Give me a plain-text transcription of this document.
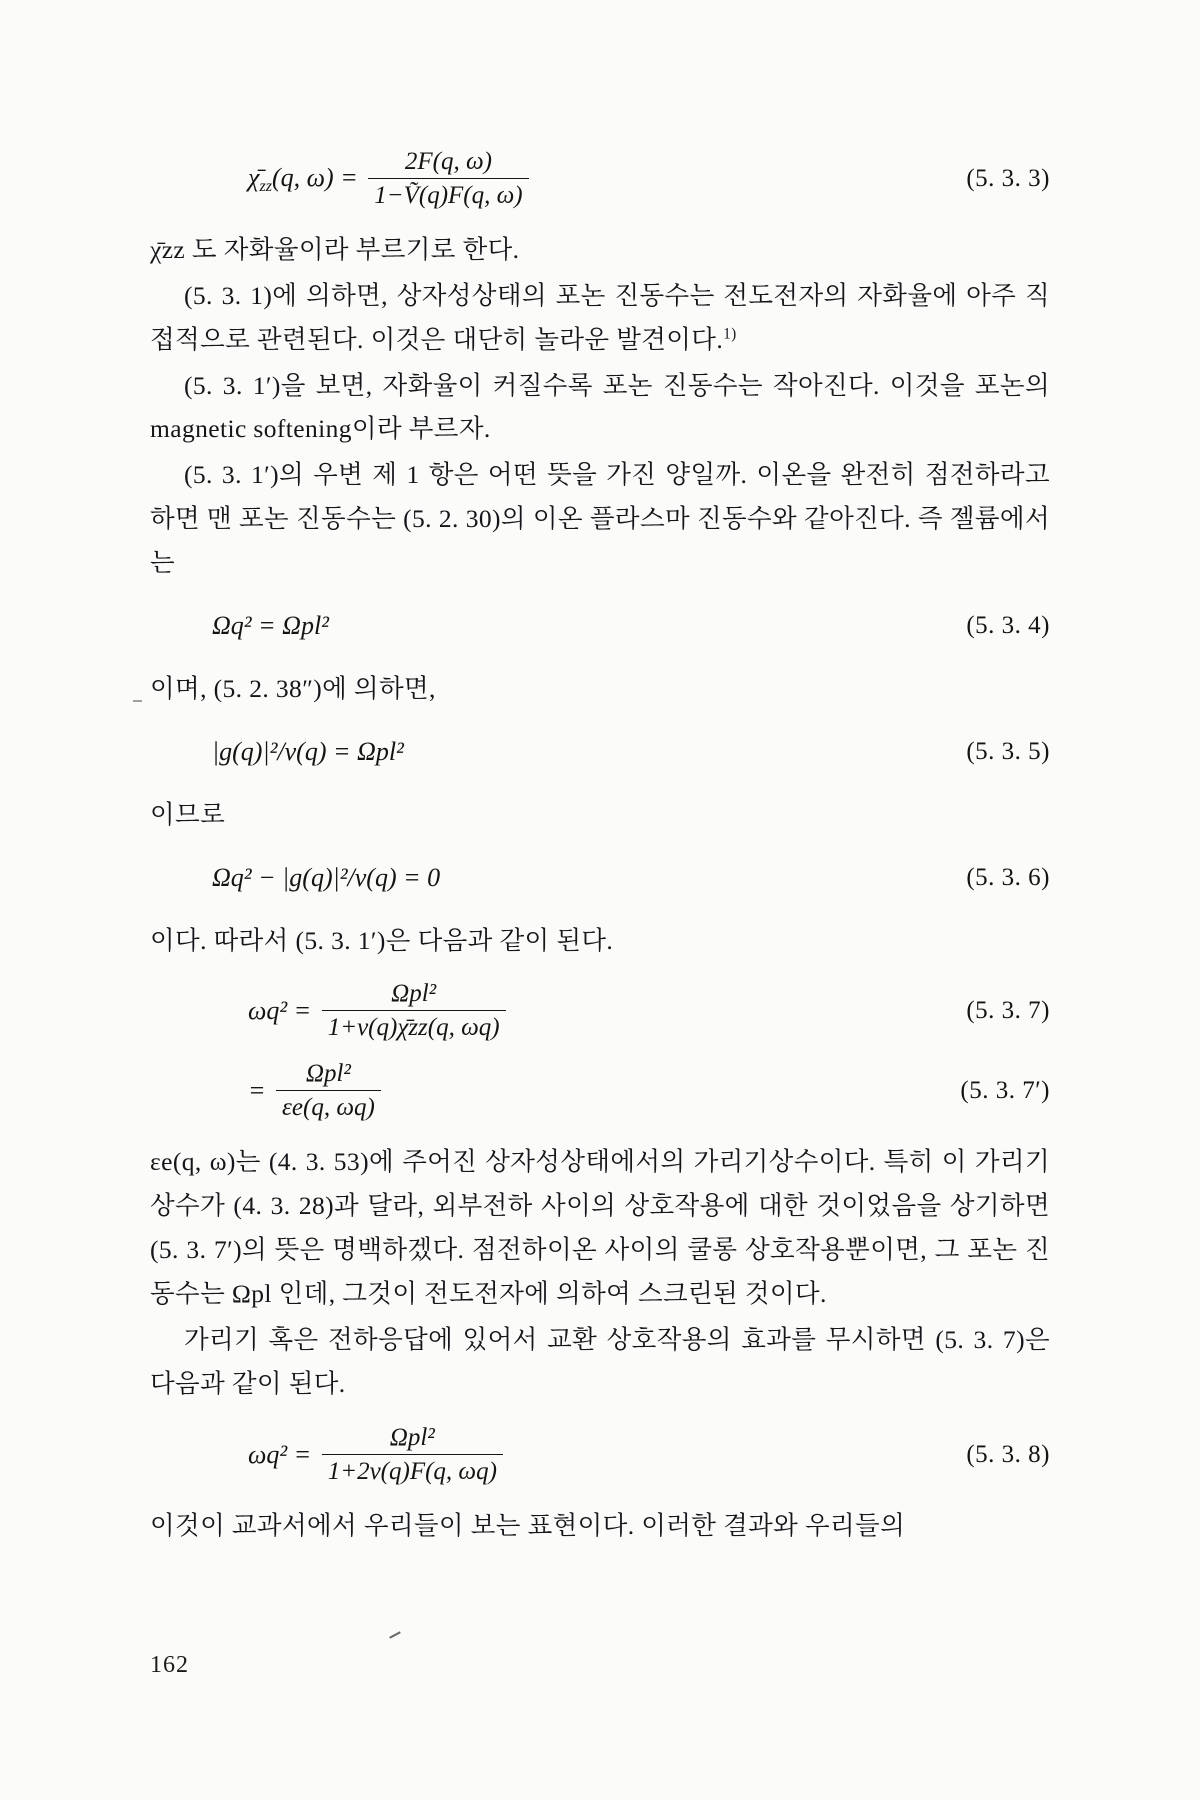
$\chī_{zz}(q$, $\omega) = \frac{2F(q, \omega)}{\text{1−Ṽ(q)F(q, ω)}}$	(5. 3. 3)

χ̄zz 도 자화율이라 부르기로 한다.

(5. 3. 1)에 의하면, 상자성상태의 포논 진동수는 전도전자의 자화율에 아주 직접적으로 관련된다. 이것은 대단히 놀라운 발견이다.$^{1)}$

(5. 3. 1′)을 보면, 자화율이 커질수록 포논 진동수는 작아진다. 이것을 포논의 magnetic softening이라 부르자.

(5. 3. 1′)의 우변 제 1 항은 어떤 뜻을 가진 양일까. 이온을 완전히 점전하라고 하면 맨 포논 진동수는 (5. 2. 30)의 이온 플라스마 진동수와 같아진다. 즉 젤륨에서는

Ωq² = Ωpl²	(5. 3. 4)

이며, (5. 2. 38″)에 의하면,

|g(q)|²/v(q) = Ωpl²	(5. 3. 5)

이므로

Ωq² − |g(q)|²/v(q) = 0	(5. 3. 6)

이다. 따라서 (5. 3. 1′)은 다음과 같이 된다.

$\omega q^2 = \frac{\text{Ωpl²}}{1+v(q)\chīzz(q, \omega q)}$	(5. 3. 7)
= $\frac{\text{Ωpl²}}{\varepsilon e(q, \omega q)}$	(5. 3. 7′)

εe(q, ω)는 (4. 3. 53)에 주어진 상자성상태에서의 가리기상수이다. 특히 이 가리기상수가 (4. 3. 28)과 달라, 외부전하 사이의 상호작용에 대한 것이었음을 상기하면 (5. 3. 7′)의 뜻은 명백하겠다. 점전하이온 사이의 쿨롱 상호작용뿐이면, 그 포논 진동수는 Ωpl 인데, 그것이 전도전자에 의하여 스크린된 것이다.

가리기 혹은 전하응답에 있어서 교환 상호작용의 효과를 무시하면 (5. 3. 7)은 다음과 같이 된다.

$\omega q^2 = \frac{\text{Ωpl²}}{1+2v(q)F(q, \omega q)}$	(5. 3. 8)

이것이 교과서에서 우리들이 보는 표현이다. 이러한 결과와 우리들의

162
